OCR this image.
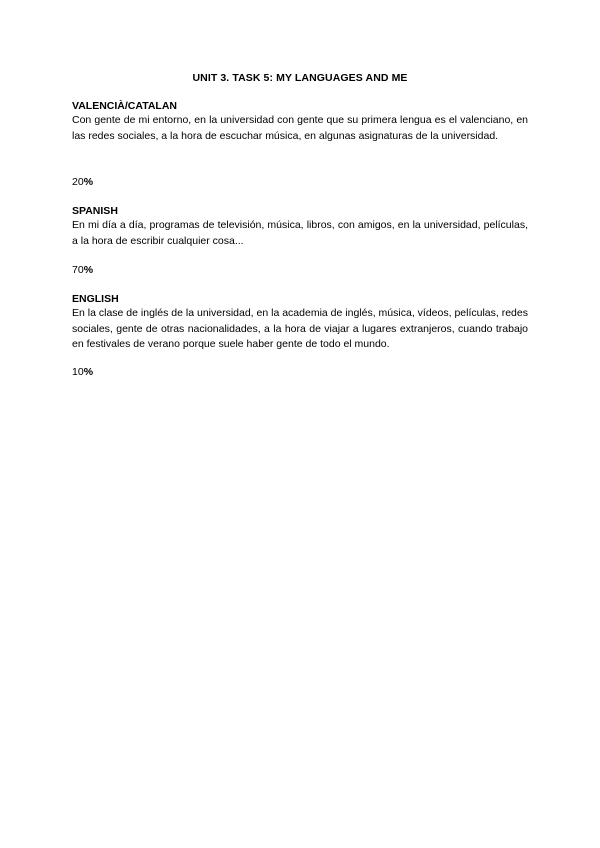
UNIT 3. TASK 5: MY LANGUAGES AND ME

VALENCIÀ/CATALAN

Con gente de mi entorno, en la universidad con gente que su primera lengua es el valenciano, en las redes sociales, a la hora de escuchar música, en algunas asignaturas de la universidad.

20%

SPANISH

En mi día a día, programas de televisión, música, libros, con amigos, en la universidad, películas, a la hora de escribir cualquier cosa...

70%

ENGLISH

En la clase de inglés de la universidad, en la academia de inglés, música, vídeos, películas, redes sociales, gente de otras nacionalidades, a la hora de viajar a lugares extranjeros, cuando trabajo en festivales de verano porque suele haber gente de todo el mundo.

10%
